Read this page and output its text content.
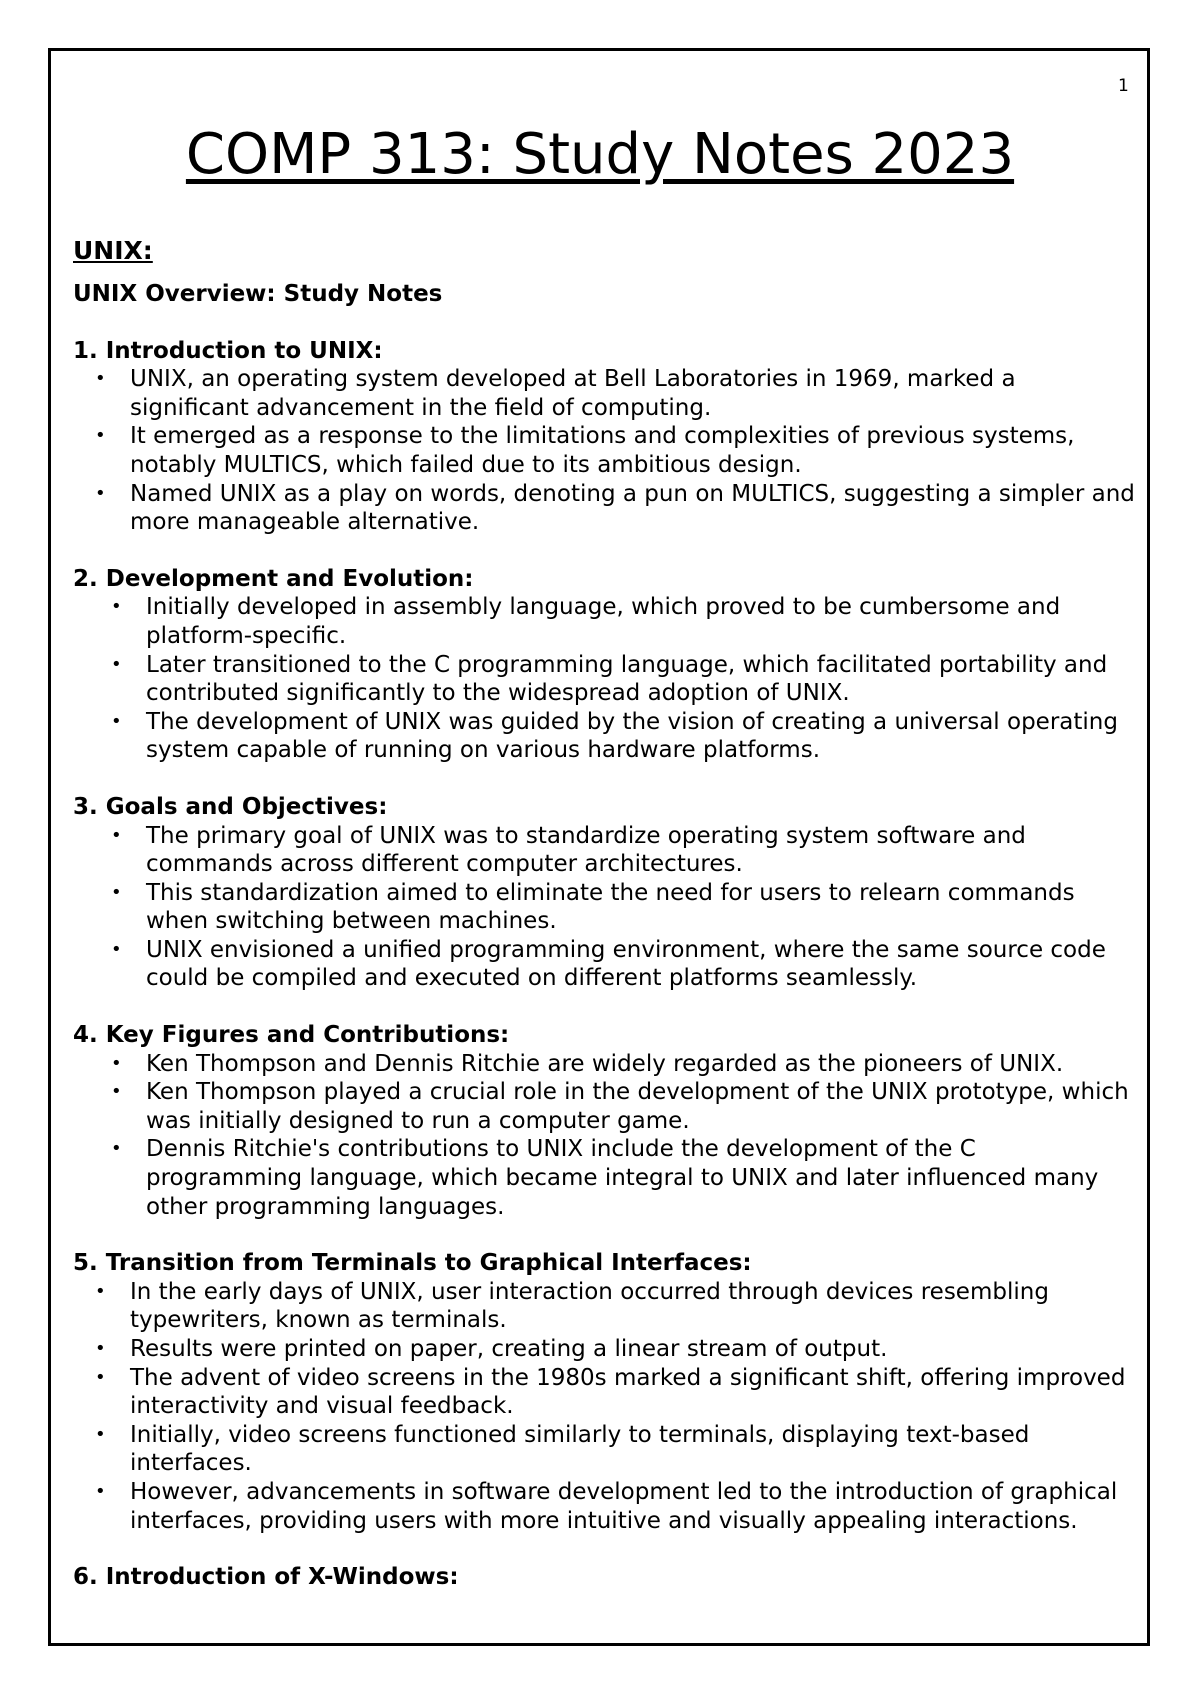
1
COMP 313: Study Notes 2023
UNIX:
UNIX Overview: Study Notes
1. Introduction to UNIX:
• UNIX, an operating system developed at Bell Laboratories in 1969, marked a significant advancement in the field of computing.
• It emerged as a response to the limitations and complexities of previous systems, notably MULTICS, which failed due to its ambitious design.
• Named UNIX as a play on words, denoting a pun on MULTICS, suggesting a simpler and more manageable alternative.
2. Development and Evolution:
• Initially developed in assembly language, which proved to be cumbersome and platform-specific.
• Later transitioned to the C programming language, which facilitated portability and contributed significantly to the widespread adoption of UNIX.
• The development of UNIX was guided by the vision of creating a universal operating system capable of running on various hardware platforms.
3. Goals and Objectives:
• The primary goal of UNIX was to standardize operating system software and commands across different computer architectures.
• This standardization aimed to eliminate the need for users to relearn commands when switching between machines.
• UNIX envisioned a unified programming environment, where the same source code could be compiled and executed on different platforms seamlessly.
4. Key Figures and Contributions:
• Ken Thompson and Dennis Ritchie are widely regarded as the pioneers of UNIX.
• Ken Thompson played a crucial role in the development of the UNIX prototype, which was initially designed to run a computer game.
• Dennis Ritchie's contributions to UNIX include the development of the C programming language, which became integral to UNIX and later influenced many other programming languages.
5. Transition from Terminals to Graphical Interfaces:
• In the early days of UNIX, user interaction occurred through devices resembling typewriters, known as terminals.
• Results were printed on paper, creating a linear stream of output.
• The advent of video screens in the 1980s marked a significant shift, offering improved interactivity and visual feedback.
• Initially, video screens functioned similarly to terminals, displaying text-based interfaces.
• However, advancements in software development led to the introduction of graphical interfaces, providing users with more intuitive and visually appealing interactions.
6. Introduction of X-Windows:
